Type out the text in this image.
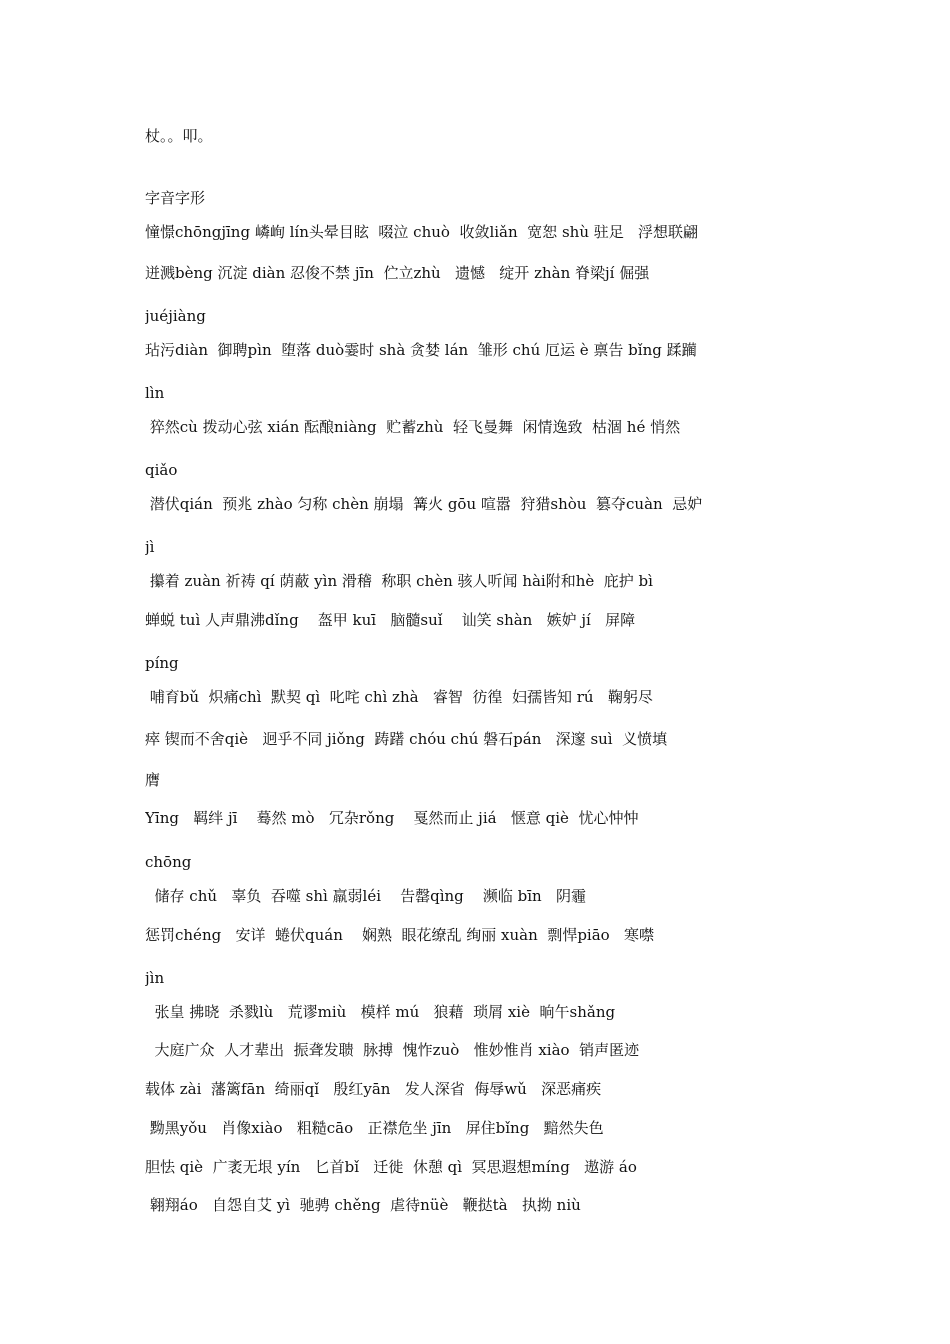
杖。。叩。
字音字形
憧憬chōngjīng 嶙峋 lín头晕目眩  啜泣 chuò  收敛liǎn  宽恕 shù 驻足   浮想联翩
迸溅bèng 沉淀 diàn 忍俊不禁 jīn  伫立zhù   遗憾   绽开 zhàn 脊梁jí 倔强
juéjiàng
玷污diàn  御聘pìn  堕落 duò霎时 shà 贪婪 lán  雏形 chú 厄运 è 禀告 bǐng 蹂躏
lìn
猝然cù 拨动心弦 xián 酝酿niàng  贮蓄zhù  轻飞曼舞  闲情逸致  枯涸 hé 悄然
qiǎo
潜伏qián  预兆 zhào 匀称 chèn 崩塌  篝火 gōu 喧嚣  狩猎shòu  篡夺cuàn  忌妒
jì
攥着 zuàn 祈祷 qí 荫蔽 yìn 滑稽  称职 chèn 骇人听闻 hài附和hè  庇护 bì
蝉蜕 tuì 人声鼎沸dǐng    盔甲 kuī   脑髓suǐ    讪笑 shàn   嫉妒 jí   屏障
píng
哺育bǔ  炽痛chì  默契 qì  叱咤 chì zhà   睿智  彷徨  妇孺皆知 rú   鞠躬尽
瘁 锲而不舍qiè   迥乎不同 jiǒng  踌躇 chóu chú 磐石pán   深邃 suì  义愤填
膺
Yīng   羁绊 jī    蓦然 mò   冗杂rǒng    戛然而止 jiá   惬意 qiè  忧心忡忡
chōng
储存 chǔ   辜负  吞噬 shì 羸弱léi    告罄qìng    濒临 bīn   阴霾
惩罚chéng   安详  蜷伏quán    娴熟  眼花缭乱 绚丽 xuàn  剽悍piāo   寒噤
jìn
张皇 拂晓  杀戮lù   荒谬miù   模样 mú   狼藉  琐屑 xiè  晌午shǎng
大庭广众  人才辈出  振聋发聩  脉搏  愧怍zuò   惟妙惟肖 xiào  销声匿迹
载体 zài  藩篱fān  绮丽qǐ   殷红yān   发人深省  侮辱wǔ   深恶痛疾
黝黑yǒu   肖像xiào   粗糙cāo   正襟危坐 jīn   屏住bǐng   黯然失色
胆怯 qiè  广袤无垠 yín   匕首bǐ   迁徙  休憩 qì  冥思遐想míng   遨游 áo
翱翔áo   自怨自艾 yì  驰骋 chěng  虐待nüè   鞭挞tà   执拗 niù
